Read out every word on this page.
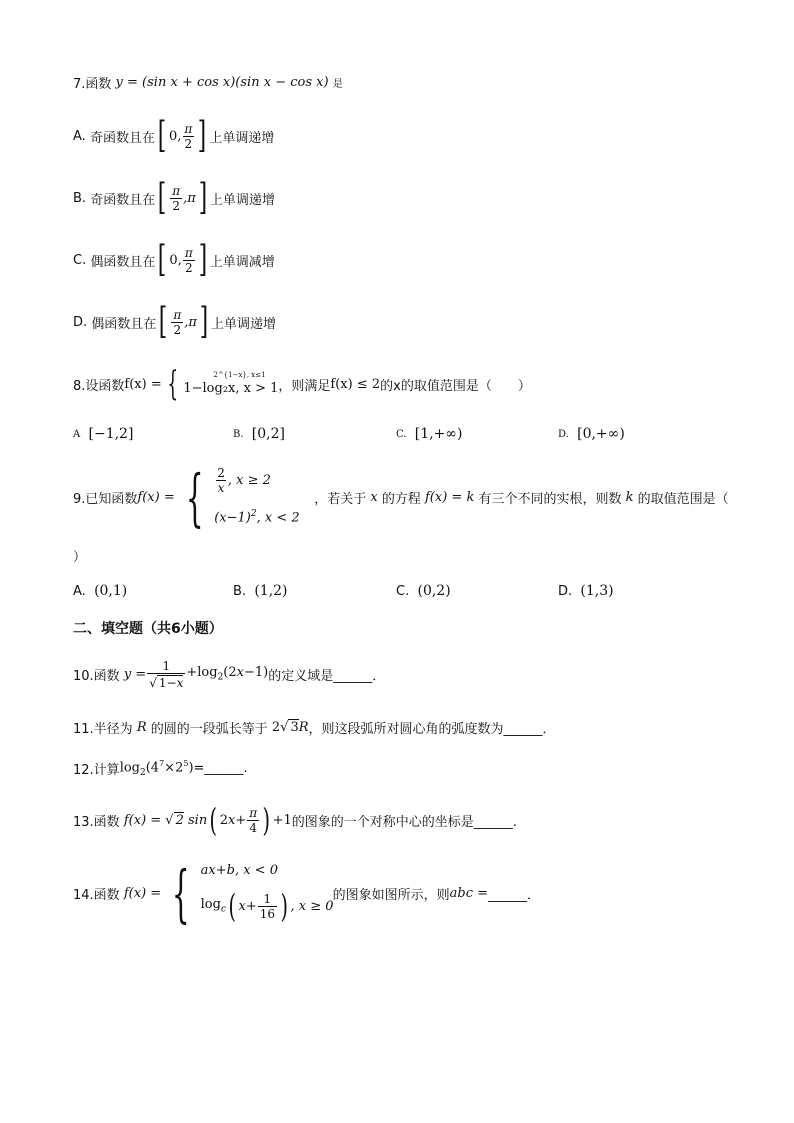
7.函数 y = (sin x + cos x)(sin x − cos x) 是
A.
奇函数且在 [ 0, $\frac{\pi}{2}$ ] 上单调递增
B.
奇函数且在 [ $\frac{\pi}{2} ,\pi$ ] 上单调递增
C.
偶函数且在 [ 0, $\frac{\pi}{2}$ ] 上单调减增
D.
偶函数且在 [ $\frac{\pi}{2} ,\pi$ ] 上单调递增
8.设函数 f(x) = {	2^{1−x}, x≤1
1−log₂x, x > 1 ，则满足 f(x) ≤ 2 的x的取值范围是（　　）
A
[−1,2]	B.
[0,2]	C.
[1,+∞)	D.
[0,+∞)
9.已知函数 f(x) = { $\frac{2}{x}$ , x ≥ 2
$(x-1)^2$, x < 2
，若关于 x 的方程 f(x) = k 有三个不同的实根，则数 k 的取值范围是（
）
A.
(0,1)	B.
(1,2)	C.
(0,2)	D.
(1,3)
二、填空题（共6小题）
10.函数 $y = \frac{1}{√ 1-x} +\log_2(2x-1)$ 的定义域是______．
11.半径为 R 的圆的一段弧长等于 2√ 3R ，则这段弧所对圆心角的弧度数为______．
12.计算 $\log_2(4^7\times 2^5)$ =______.
13.函数 f(x) = √ 2 sin ( $2x+ \frac{\pi}{4}$ ) +1 的图象的一个对称中心的坐标是______.
14.函数 f(x) = { ax+b, x < 0
$\log_c$ ( $x+ \frac{1}{16}$ ) , x ≥ 0
的图象如图所示，则 abc = ______．
